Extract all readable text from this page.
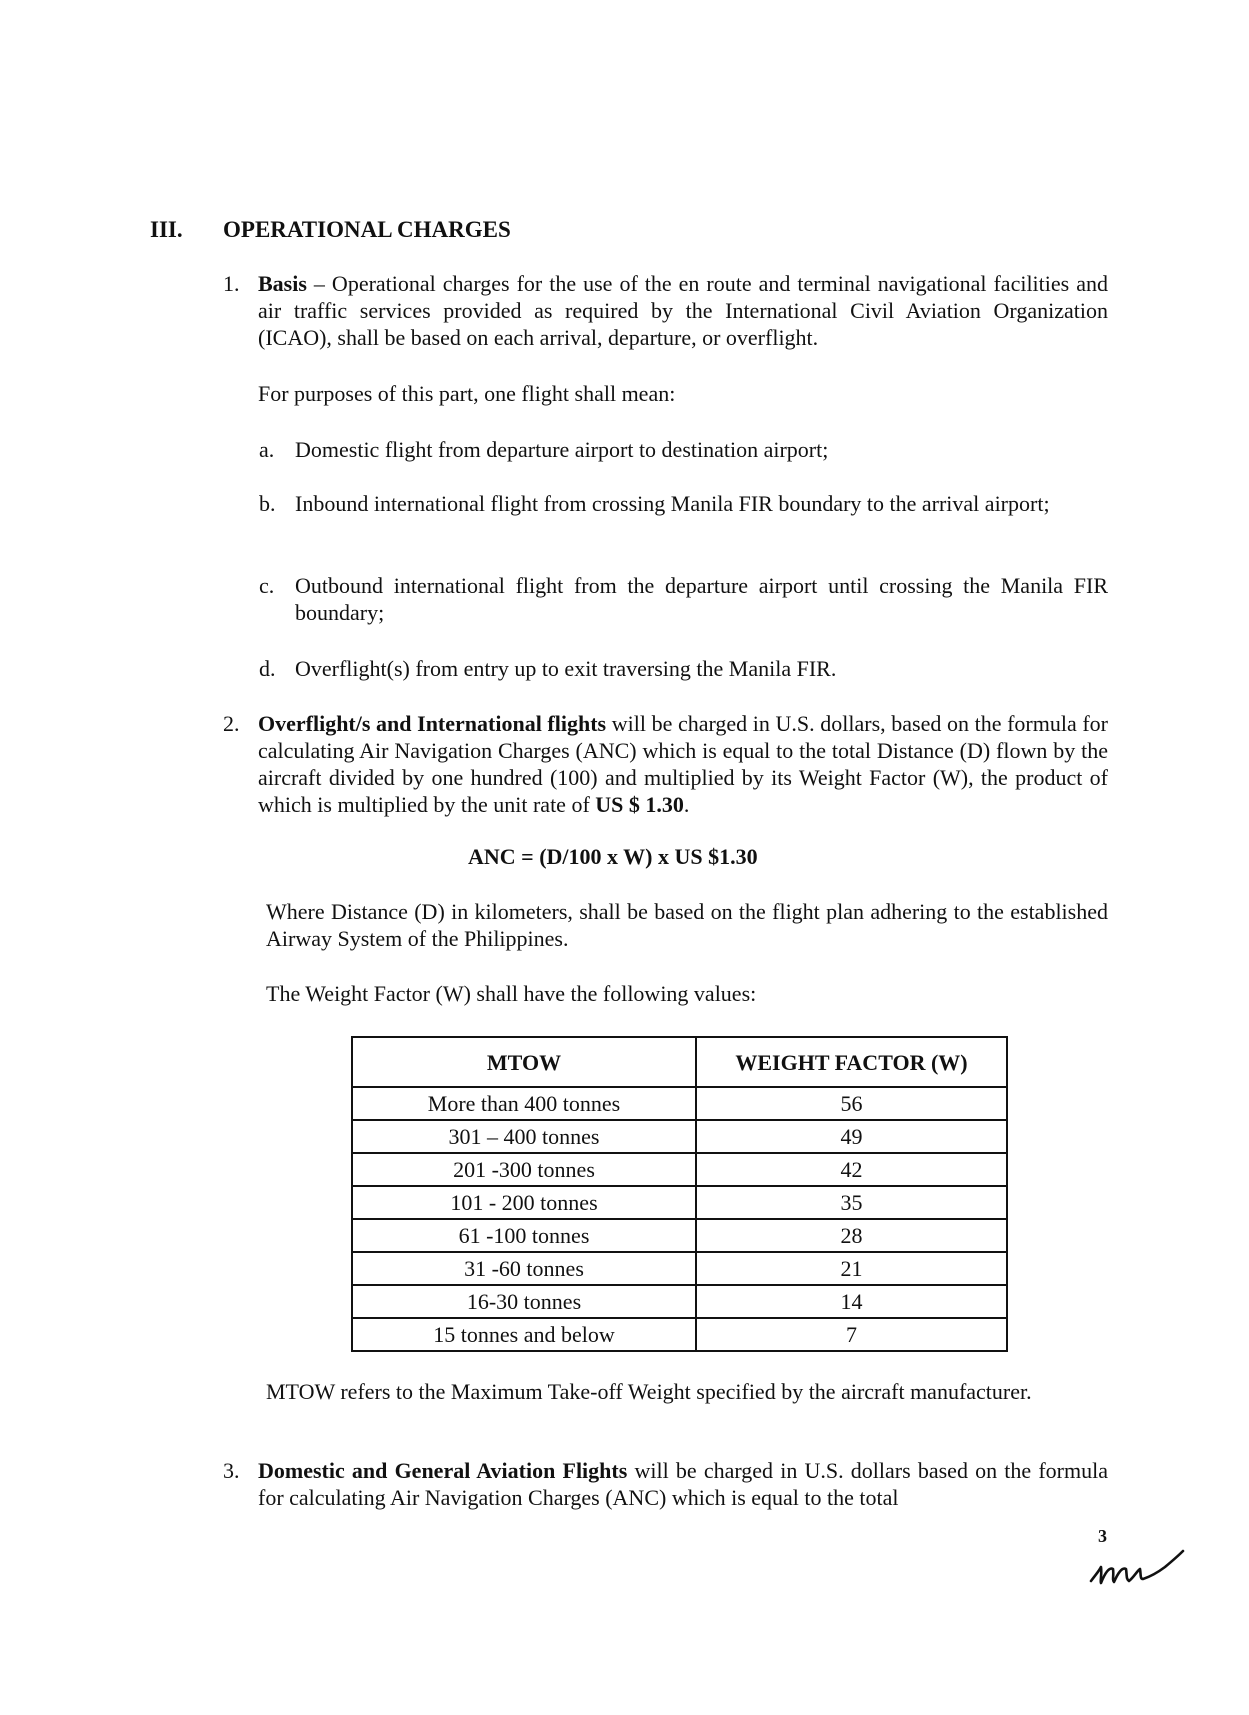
III. OPERATIONAL CHARGES
1. Basis – Operational charges for the use of the en route and terminal navigational facilities and air traffic services provided as required by the International Civil Aviation Organization (ICAO), shall be based on each arrival, departure, or overflight.
For purposes of this part, one flight shall mean:
a. Domestic flight from departure airport to destination airport;
b. Inbound international flight from crossing Manila FIR boundary to the arrival airport;
c. Outbound international flight from the departure airport until crossing the Manila FIR boundary;
d. Overflight(s) from entry up to exit traversing the Manila FIR.
2. Overflight/s and International flights will be charged in U.S. dollars, based on the formula for calculating Air Navigation Charges (ANC) which is equal to the total Distance (D) flown by the aircraft divided by one hundred (100) and multiplied by its Weight Factor (W), the product of which is multiplied by the unit rate of US $ 1.30.
ANC = (D/100 x W) x US $1.30
Where Distance (D) in kilometers, shall be based on the flight plan adhering to the established Airway System of the Philippines.
The Weight Factor (W) shall have the following values:
MTOW	WEIGHT FACTOR (W)
More than 400 tonnes	56
301 – 400 tonnes	49
201 -300 tonnes	42
101 - 200 tonnes	35
61 -100 tonnes	28
31 -60 tonnes	21
16-30 tonnes	14
15 tonnes and below	7
MTOW refers to the Maximum Take-off Weight specified by the aircraft manufacturer.
3. Domestic and General Aviation Flights will be charged in U.S. dollars based on the formula for calculating Air Navigation Charges (ANC) which is equal to the total
3
